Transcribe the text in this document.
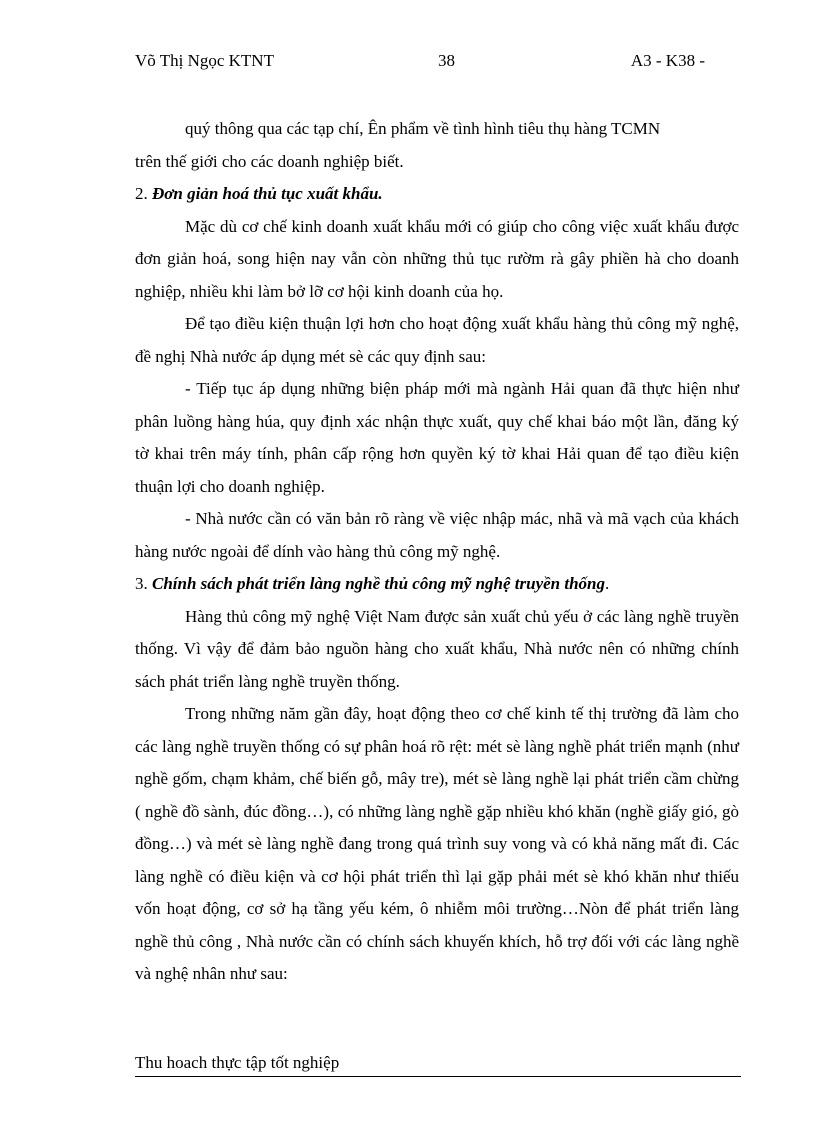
Võ Thị Ngọc KTNT	38	A3 - K38 -

quý thông qua các tạp chí, Ên phẩm về tình hình tiêu thụ hàng TCMN

trên thế giới cho các doanh nghiệp biết.

2. Đơn giản hoá thủ tục xuất khẩu.

Mặc dù cơ chế kinh doanh xuất khẩu mới có giúp cho công việc xuất khẩu được đơn giản hoá, song hiện nay vẫn còn những thủ tục rườm rà gây phiền hà cho doanh nghiệp, nhiều khi làm bở lỡ cơ hội kinh doanh của họ.

Để tạo điều kiện thuận lợi hơn cho hoạt động xuất khẩu hàng thủ công mỹ nghệ, đề nghị Nhà nước áp dụng mét sè các quy định sau:

- Tiếp tục áp dụng những biện pháp mới mà ngành Hải quan đã thực hiện như phân luồng hàng húa, quy định xác nhận thực xuất, quy chế khai báo một lần, đăng ký tờ khai trên máy tính, phân cấp rộng hơn quyền ký tờ khai Hải quan để tạo điều kiện thuận lợi cho doanh nghiệp.

- Nhà nước cần có văn bản rõ ràng về việc nhập mác, nhã và mã vạch của khách hàng nước ngoài để dính vào hàng thủ công mỹ nghệ.

3. Chính sách phát triển làng nghề thủ công mỹ nghệ truyền thống.

Hàng thủ công mỹ nghệ Việt Nam được sản xuất chủ yếu ở các làng nghề truyền thống. Vì vậy để đảm bảo nguồn hàng cho xuất khẩu, Nhà nước nên có những chính sách phát triển làng nghề truyền thống.

Trong những năm gần đây, hoạt động theo cơ chế kinh tế thị trường đã làm cho các làng nghề truyền thống có sự phân hoá rõ rệt: mét sè làng nghề phát triển mạnh (như nghề gốm, chạm khảm, chế biến gỗ, mây tre), mét sè làng nghề lại phát triển cầm chừng ( nghề đồ sành, đúc đồng…), có những làng nghề gặp nhiều khó khăn (nghề giấy gió, gò đồng…) và mét sè làng nghề đang trong quá trình suy vong và có khả năng mất đi. Các làng nghề có điều kiện và cơ hội phát triển thì lại gặp phải mét sè khó khăn như thiếu vốn hoạt động, cơ sở hạ tầng yếu kém, ô nhiễm môi trường…Nòn để phát triển làng nghề thủ công , Nhà nước cần có chính sách khuyến khích, hỗ trợ đối với các làng nghề và nghệ nhân như sau:

Thu hoach thực tập tốt nghiệp
